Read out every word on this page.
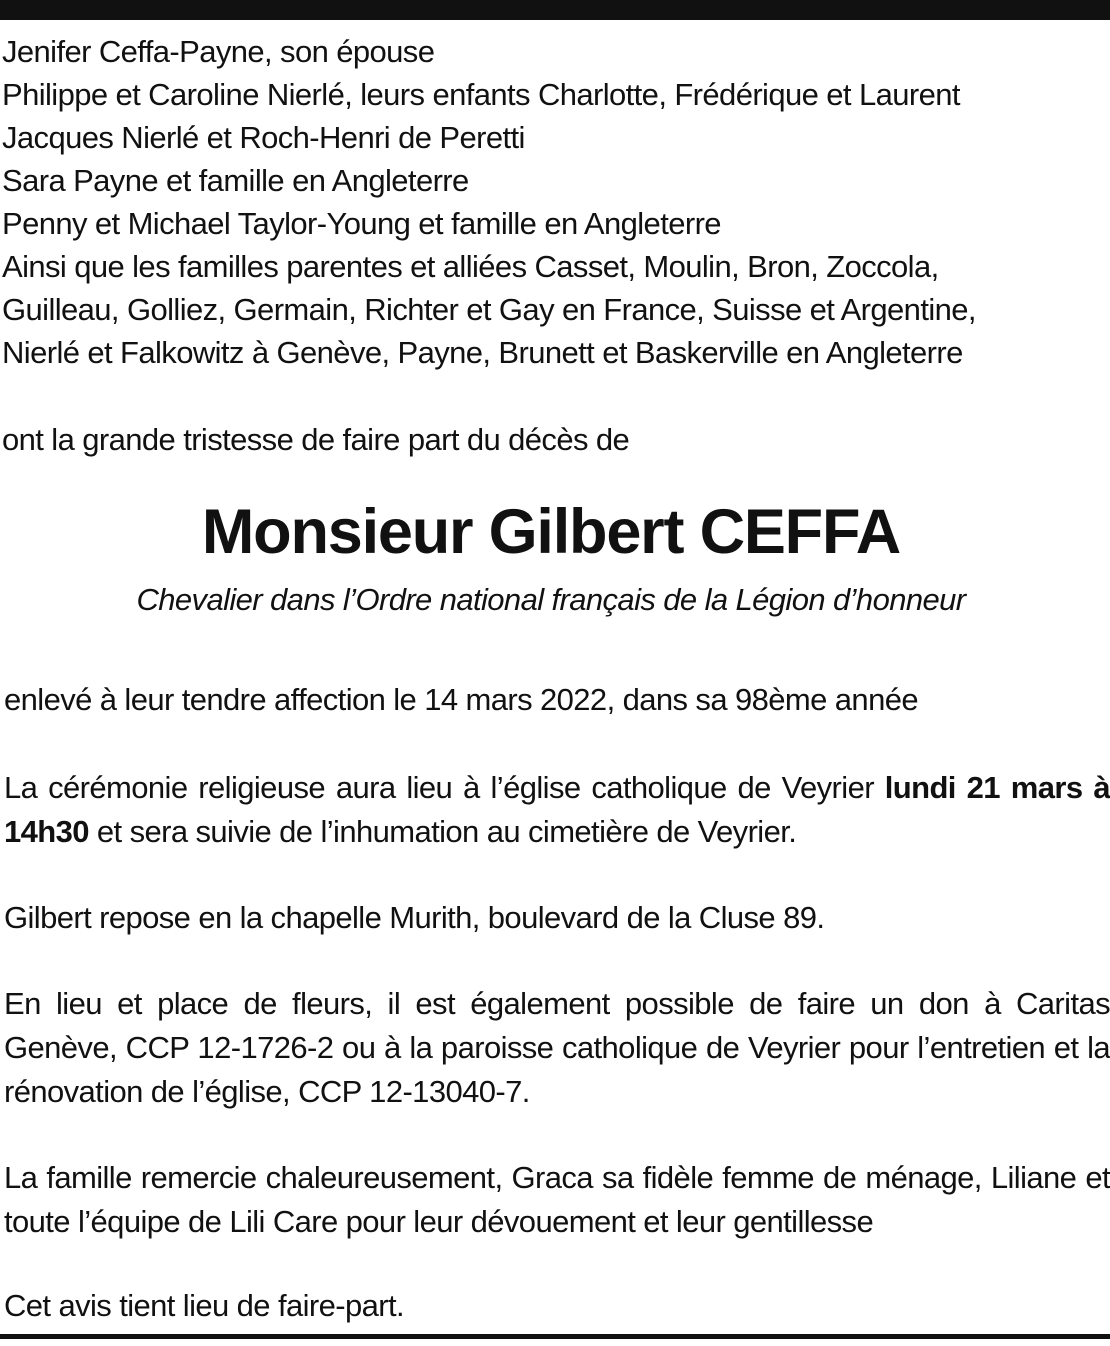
Jenifer Ceffa-Payne, son épouse
Philippe et Caroline Nierlé, leurs enfants Charlotte, Frédérique et Laurent
Jacques Nierlé et Roch-Henri de Peretti
Sara Payne et famille en Angleterre
Penny et Michael Taylor-Young et famille en Angleterre
Ainsi que les familles parentes et alliées Casset, Moulin, Bron, Zoccola,
Guilleau, Golliez, Germain, Richter et Gay en France, Suisse et Argentine,
Nierlé et Falkowitz à Genève, Payne, Brunett et Baskerville en Angleterre
ont la grande tristesse de faire part du décès de
Monsieur Gilbert CEFFA
Chevalier dans l’Ordre national français de la Légion d’honneur
enlevé à leur tendre affection le 14 mars 2022, dans sa 98ème année
La cérémonie religieuse aura lieu à l’église catholique de Veyrier lundi 21 mars à 14h30 et sera suivie de l’inhumation au cimetière de Veyrier.
Gilbert repose en la chapelle Murith, boulevard de la Cluse 89.
En lieu et place de fleurs, il est également possible de faire un don à Caritas Genève, CCP 12-1726-2 ou à la paroisse catholique de Veyrier pour l’entretien et la rénovation de l’église, CCP 12-13040-7.
La famille remercie chaleureusement, Graca sa fidèle femme de ménage, Liliane et toute l’équipe de Lili Care pour leur dévouement et leur gentillesse
Cet avis tient lieu de faire-part.
